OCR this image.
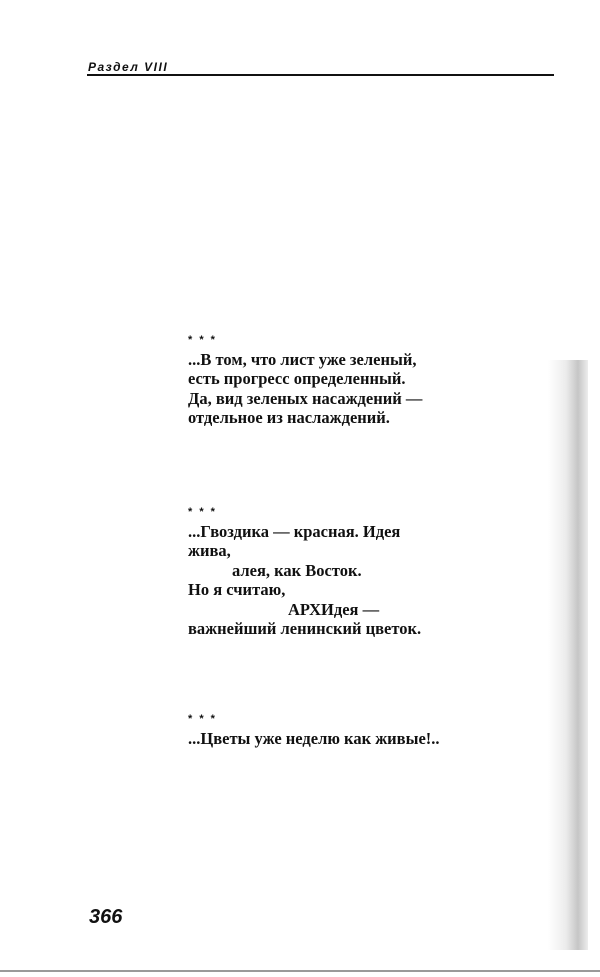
Раздел VIII
* * *
...В том, что лист уже зеленый,
есть прогресс определенный.
Да, вид зеленых насаждений —
отдельное из наслаждений.
* * *
...Гвоздика — красная. Идея
жива,
алея, как Восток.
Но я считаю,
АРХИдея —
важнейший ленинский цветок.
* * *
...Цветы уже неделю как живые!..
366
